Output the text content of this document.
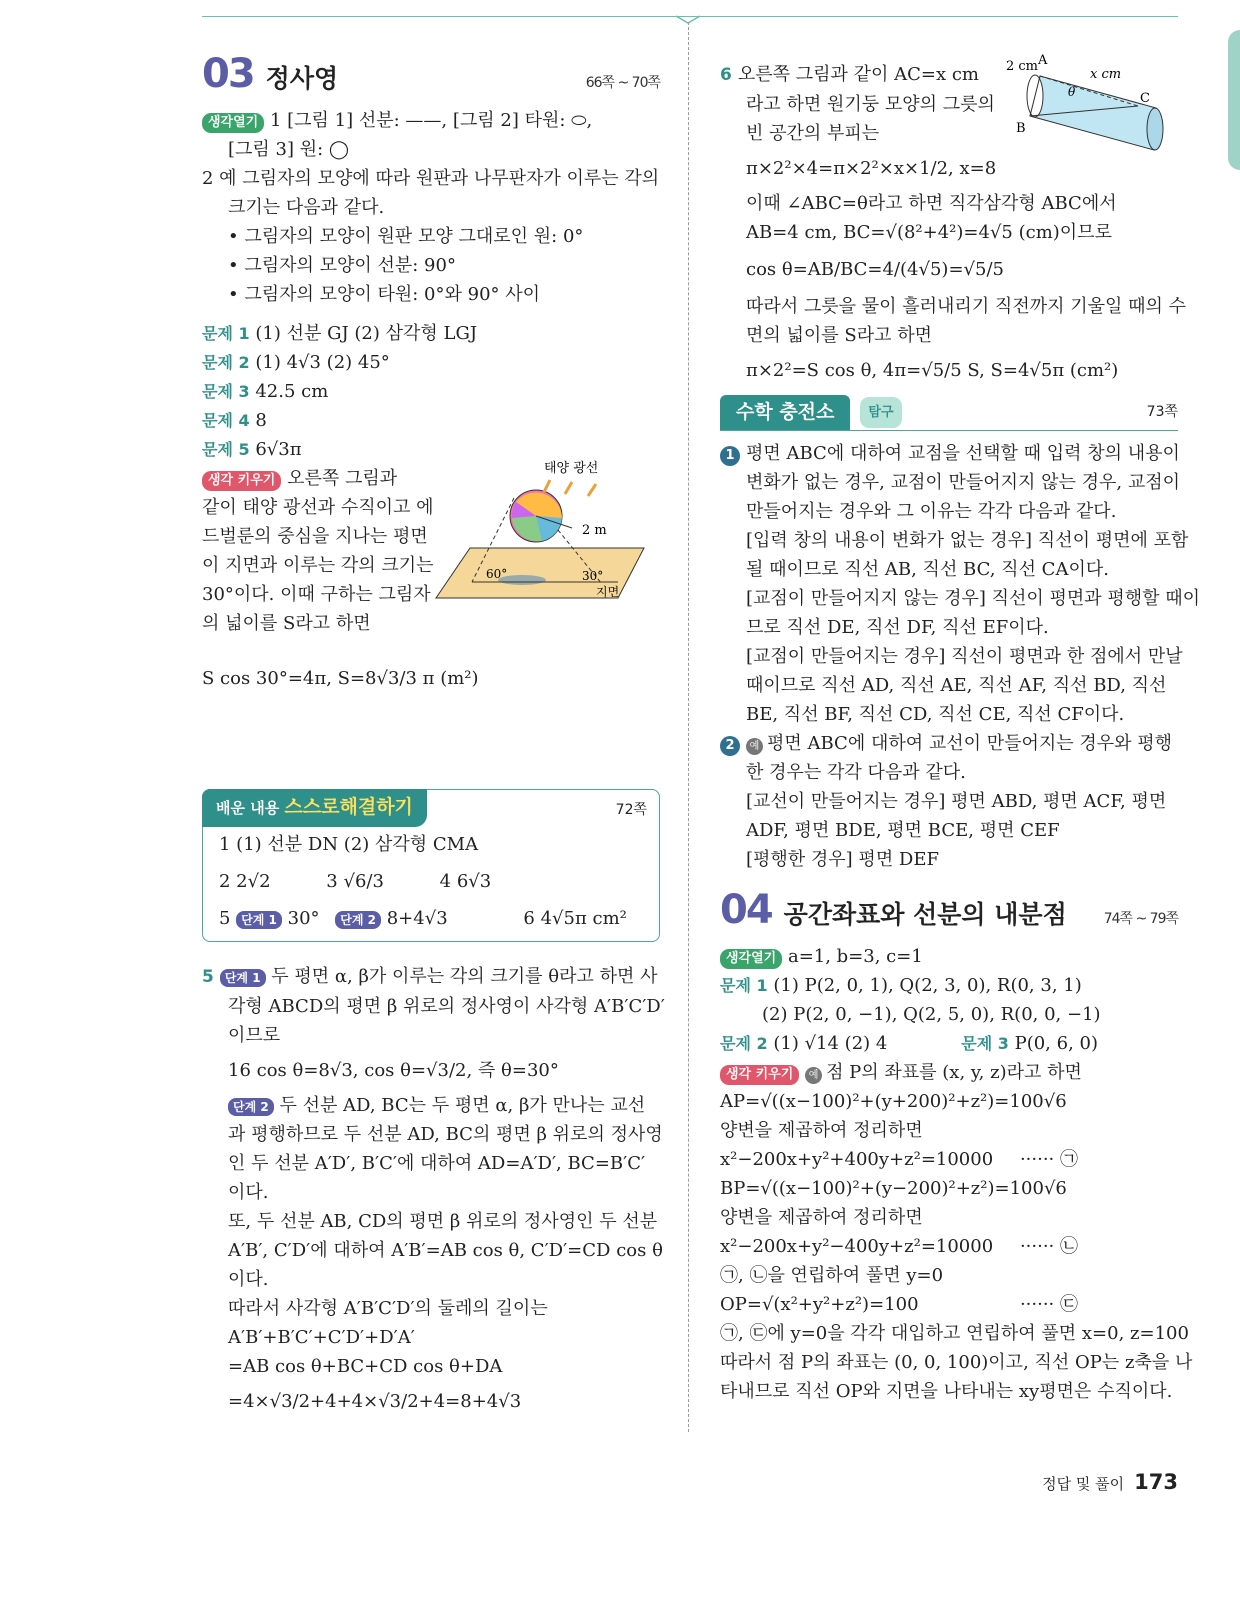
03 정사영	66쪽 ~ 70쪽
생각열기 1 [그림 1] 선분: ——, [그림 2] 타원: ⬭,
[그림 3] 원: ◯
2 예 그림자의 모양에 따라 원판과 나무판자가 이루는 각의
크기는 다음과 같다.
• 그림자의 모양이 원판 모양 그대로인 원: 0°
• 그림자의 모양이 선분: 90°
• 그림자의 모양이 타원: 0°와 90° 사이
문제 1 (1) 선분 GJ (2) 삼각형 LGJ
문제 2 (1) 4√3 (2) 45°
문제 3 42.5 cm
문제 4 8
문제 5 6√3π
생각 키우기 오른쪽 그림과
같이 태양 광선과 수직이고 에
드벌룬의 중심을 지나는 평면
이 지면과 이루는 각의 크기는
30°이다. 이때 구하는 그림자
의 넓이를 S라고 하면
태양 광선
2 m
60°	30°
지면
S cos 30°=4π, S=8√3/3 π (m²)
배운 내용 스스로해결하기	72쪽
1 (1) 선분 DN (2) 삼각형 CMA
2 2√2	3 √6/3	4 6√3
5 단계 1 30° 단계 2 8+4√3	6 4√5π cm²
5 단계 1 두 평면 α, β가 이루는 각의 크기를 θ라고 하면 사
각형 ABCD의 평면 β 위로의 정사영이 사각형 A′B′C′D′
이므로
16 cos θ=8√3, cos θ=√3/2, 즉 θ=30°
단계 2 두 선분 AD, BC는 두 평면 α, β가 만나는 교선
과 평행하므로 두 선분 AD, BC의 평면 β 위로의 정사영
인 두 선분 A′D′, B′C′에 대하여 AD=A′D′, BC=B′C′
이다.
또, 두 선분 AB, CD의 평면 β 위로의 정사영인 두 선분
A′B′, C′D′에 대하여 A′B′=AB cos θ, C′D′=CD cos θ
이다.
따라서 사각형 A′B′C′D′의 둘레의 길이는
A′B′+B′C′+C′D′+D′A′
=AB cos θ+BC+CD cos θ+DA
=4×√3/2+4+4×√3/2+4=8+4√3
6 오른쪽 그림과 같이 AC=x cm
라고 하면 원기둥 모양의 그릇의
빈 공간의 부피는
2 cm
x cm
A
B
C
θ
π×2²×4=π×2²×x×1/2, x=8
이때 ∠ABC=θ라고 하면 직각삼각형 ABC에서
AB=4 cm, BC=√(8²+4²)=4√5 (cm)이므로
cos θ=AB/BC=4/(4√5)=√5/5
따라서 그릇을 물이 흘러내리기 직전까지 기울일 때의 수
면의 넓이를 S라고 하면
π×2²=S cos θ, 4π=√5/5 S, S=4√5π (cm²)
수학 충전소	탐구	73쪽
1 평면 ABC에 대하여 교점을 선택할 때 입력 창의 내용이
변화가 없는 경우, 교점이 만들어지지 않는 경우, 교점이
만들어지는 경우와 그 이유는 각각 다음과 같다.
[입력 창의 내용이 변화가 없는 경우] 직선이 평면에 포함
될 때이므로 직선 AB, 직선 BC, 직선 CA이다.
[교점이 만들어지지 않는 경우] 직선이 평면과 평행할 때이
므로 직선 DE, 직선 DF, 직선 EF이다.
[교점이 만들어지는 경우] 직선이 평면과 한 점에서 만날
때이므로 직선 AD, 직선 AE, 직선 AF, 직선 BD, 직선
BE, 직선 BF, 직선 CD, 직선 CE, 직선 CF이다.
2 예 평면 ABC에 대하여 교선이 만들어지는 경우와 평행
한 경우는 각각 다음과 같다.
[교선이 만들어지는 경우] 평면 ABD, 평면 ACF, 평면
ADF, 평면 BDE, 평면 BCE, 평면 CEF
[평행한 경우] 평면 DEF
04 공간좌표와 선분의 내분점	74쪽 ~ 79쪽
생각열기 a=1, b=3, c=1
문제 1 (1) P(2, 0, 1), Q(2, 3, 0), R(0, 3, 1)
(2) P(2, 0, −1), Q(2, 5, 0), R(0, 0, −1)
문제 2 (1) √14 (2) 4	문제 3 P(0, 6, 0)
생각 키우기 예 점 P의 좌표를 (x, y, z)라고 하면
AP=√((x−100)²+(y+200)²+z²)=100√6
양변을 제곱하여 정리하면
x²−200x+y²+400y+z²=10000 ······ ㉠
BP=√((x−100)²+(y−200)²+z²)=100√6
양변을 제곱하여 정리하면
x²−200x+y²−400y+z²=10000 ······ ㉡
㉠, ㉡을 연립하여 풀면 y=0
OP=√(x²+y²+z²)=100	······ ㉢
㉠, ㉢에 y=0을 각각 대입하고 연립하여 풀면 x=0, z=100
따라서 점 P의 좌표는 (0, 0, 100)이고, 직선 OP는 z축을 나
타내므로 직선 OP와 지면을 나타내는 xy평면은 수직이다.
정답 및 풀이 173
